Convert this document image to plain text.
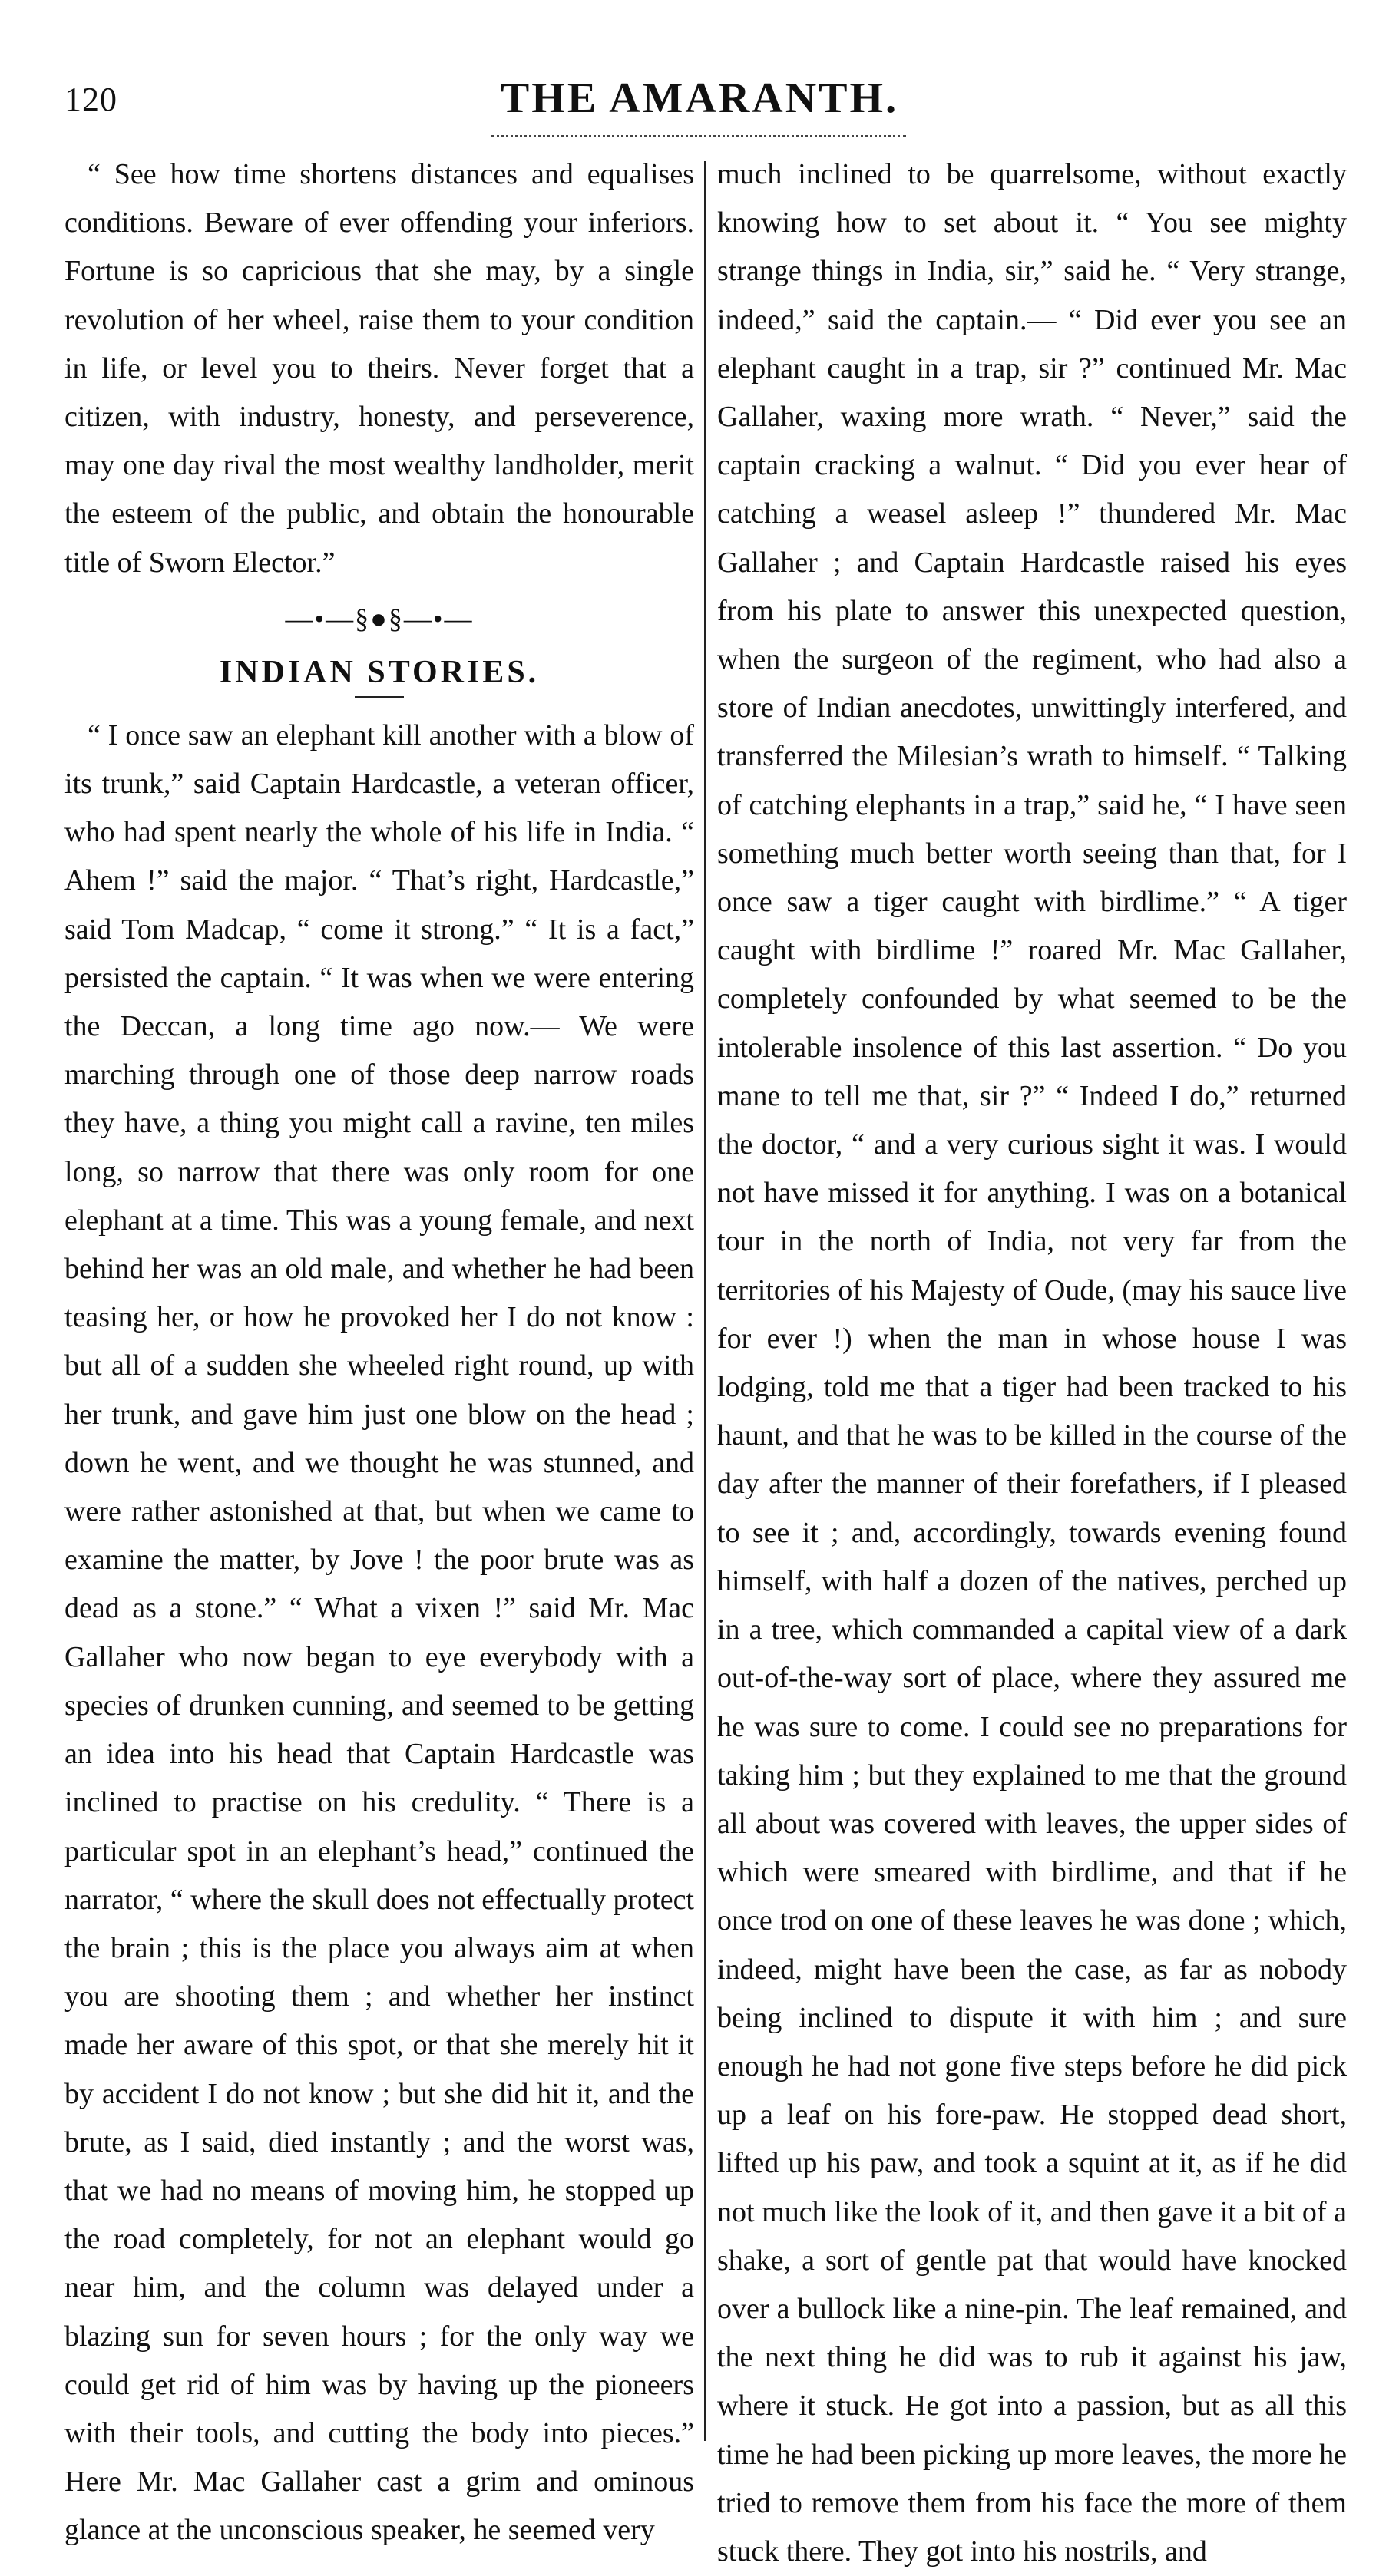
120	THE AMARANTH.

“ See how time shortens distances and equalises conditions. Beware of ever offending your inferiors. Fortune is so capricious that she may, by a single revolution of her wheel, raise them to your condition in life, or level you to theirs. Never forget that a citizen, with industry, honesty, and perseverence, may one day rival the most wealthy landholder, merit the esteem of the public, and obtain the honourable title of Sworn Elector.”

—•—§●§—•—
INDIAN STORIES.

“ I once saw an elephant kill another with a blow of its trunk,” said Captain Hardcastle, a veteran officer, who had spent nearly the whole of his life in India. “ Ahem !” said the major. “ That’s right, Hardcastle,” said Tom Madcap, “ come it strong.” “ It is a fact,” persisted the captain. “ It was when we were entering the Deccan, a long time ago now.— We were marching through one of those deep narrow roads they have, a thing you might call a ravine, ten miles long, so narrow that there was only room for one elephant at a time. This was a young female, and next behind her was an old male, and whether he had been teasing her, or how he provoked her I do not know : but all of a sudden she wheeled right round, up with her trunk, and gave him just one blow on the head ; down he went, and we thought he was stunned, and were rather astonished at that, but when we came to examine the matter, by Jove ! the poor brute was as dead as a stone.” “ What a vixen !” said Mr. Mac Gallaher who now began to eye everybody with a species of drunken cunning, and seemed to be getting an idea into his head that Captain Hardcastle was inclined to practise on his credulity. “ There is a particular spot in an elephant’s head,” continued the narrator, “ where the skull does not effectually protect the brain ; this is the place you always aim at when you are shooting them ; and whether her instinct made her aware of this spot, or that she merely hit it by accident I do not know ; but she did hit it, and the brute, as I said, died instantly ; and the worst was, that we had no means of moving him, he stopped up the road completely, for not an elephant would go near him, and the column was delayed under a blazing sun for seven hours ; for the only way we could get rid of him was by having up the pioneers with their tools, and cutting the body into pieces.” Here Mr. Mac Gallaher cast a grim and ominous glance at the unconscious speaker, he seemed very

much inclined to be quarrelsome, without exactly knowing how to set about it. “ You see mighty strange things in India, sir,” said he. “ Very strange, indeed,” said the captain.— “ Did ever you see an elephant caught in a trap, sir ?” continued Mr. Mac Gallaher, waxing more wrath. “ Never,” said the captain cracking a walnut. “ Did you ever hear of catching a weasel asleep !” thundered Mr. Mac Gallaher ; and Captain Hardcastle raised his eyes from his plate to answer this unexpected question, when the surgeon of the regiment, who had also a store of Indian anecdotes, unwittingly interfered, and transferred the Milesian’s wrath to himself. “ Talking of catching elephants in a trap,” said he, “ I have seen something much better worth seeing than that, for I once saw a tiger caught with birdlime.” “ A tiger caught with birdlime !” roared Mr. Mac Gallaher, completely confounded by what seemed to be the intolerable insolence of this last assertion. “ Do you mane to tell me that, sir ?” “ Indeed I do,” returned the doctor, “ and a very curious sight it was. I would not have missed it for anything. I was on a botanical tour in the north of India, not very far from the territories of his Majesty of Oude, (may his sauce live for ever !) when the man in whose house I was lodging, told me that a tiger had been tracked to his haunt, and that he was to be killed in the course of the day after the manner of their forefathers, if I pleased to see it ; and, accordingly, towards evening found himself, with half a dozen of the natives, perched up in a tree, which commanded a capital view of a dark out-of-the-way sort of place, where they assured me he was sure to come. I could see no preparations for taking him ; but they explained to me that the ground all about was covered with leaves, the upper sides of which were smeared with birdlime, and that if he once trod on one of these leaves he was done ; which, indeed, might have been the case, as far as nobody being inclined to dispute it with him ; and sure enough he had not gone five steps before he did pick up a leaf on his fore-paw. He stopped dead short, lifted up his paw, and took a squint at it, as if he did not much like the look of it, and then gave it a bit of a shake, a sort of gentle pat that would have knocked over a bullock like a nine-pin. The leaf remained, and the next thing he did was to rub it against his jaw, where it stuck. He got into a passion, but as all this time he had been picking up more leaves, the more he tried to remove them from his face the more of them stuck there. They got into his nostrils, and
